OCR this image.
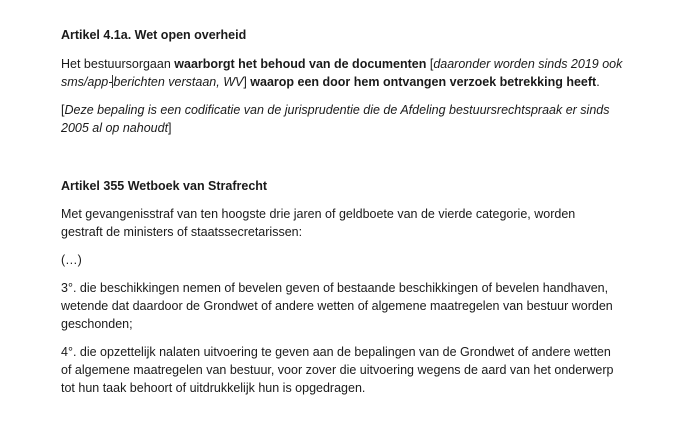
Artikel 4.1a. Wet open overheid

Het bestuursorgaan waarborgt het behoud van de documenten [daaronder worden sinds 2019 ook
sms/app-berichten verstaan, WV] waarop een door hem ontvangen verzoek betrekking heeft.

[Deze bepaling is een codificatie van de jurisprudentie die de Afdeling bestuursrechtspraak er sinds
2005 al op nahoudt]

Artikel 355 Wetboek van Strafrecht

Met gevangenisstraf van ten hoogste drie jaren of geldboete van de vierde categorie, worden
gestraft de ministers of staatssecretarissen:

(…)

3°. die beschikkingen nemen of bevelen geven of bestaande beschikkingen of bevelen handhaven,
wetende dat daardoor de Grondwet of andere wetten of algemene maatregelen van bestuur worden
geschonden;

4°. die opzettelijk nalaten uitvoering te geven aan de bepalingen van de Grondwet of andere wetten
of algemene maatregelen van bestuur, voor zover die uitvoering wegens de aard van het onderwerp
tot hun taak behoort of uitdrukkelijk hun is opgedragen.
